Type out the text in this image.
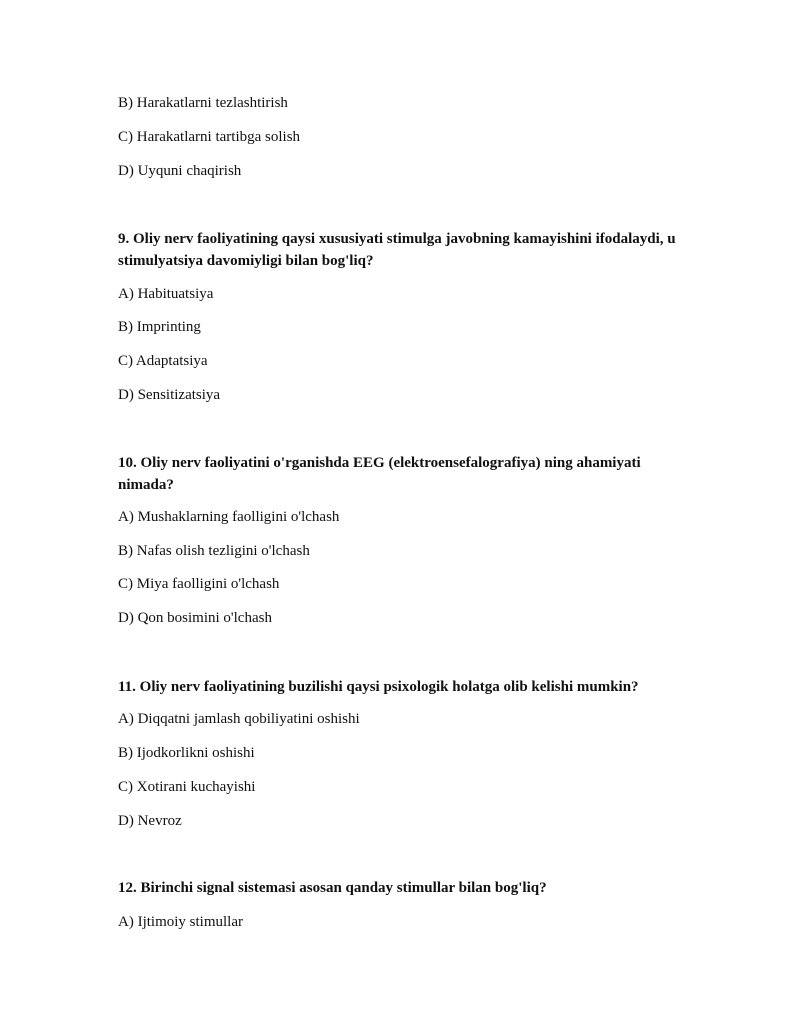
B) Harakatlarni tezlashtirish
C) Harakatlarni tartibga solish
D) Uyquni chaqirish
9. Oliy nerv faoliyatining qaysi xususiyati stimulga javobning kamayishini ifodalaydi, u stimulyatsiya davomiyligi bilan bog'liq?
A) Habituatsiya
B) Imprinting
C) Adaptatsiya
D) Sensitizatsiya
10. Oliy nerv faoliyatini o'rganishda EEG (elektroensefalografiya) ning ahamiyati nimada?
A) Mushaklarning faolligini o'lchash
B) Nafas olish tezligini o'lchash
C) Miya faolligini o'lchash
D) Qon bosimini o'lchash
11. Oliy nerv faoliyatining buzilishi qaysi psixologik holatga olib kelishi mumkin?
A) Diqqatni jamlash qobiliyatini oshishi
B) Ijodkorlikni oshishi
C) Xotirani kuchayishi
D) Nevroz
12. Birinchi signal sistemasi asosan qanday stimullar bilan bog'liq?
A) Ijtimoiy stimullar
